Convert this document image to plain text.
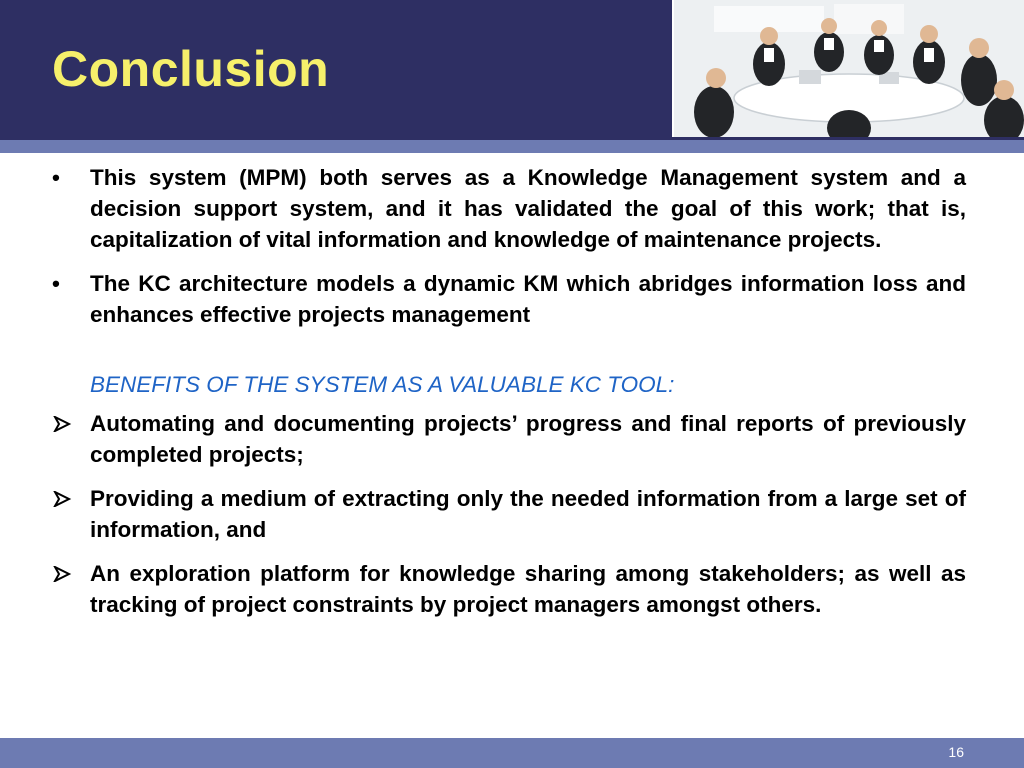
Conclusion
• This system (MPM) both serves as a Knowledge Management system and a decision support system, and it has validated the goal of this work; that is, capitalization of vital information and knowledge of maintenance projects.
• The KC architecture models a dynamic KM which abridges information loss and enhances effective projects management
BENEFITS OF THE SYSTEM AS A VALUABLE KC TOOL:
Automating and documenting projects’ progress and final reports of previously completed projects;
Providing a medium of extracting only the needed information from a large set of information, and
An exploration platform for knowledge sharing among stakeholders; as well as tracking of project constraints by project managers amongst others.
16
